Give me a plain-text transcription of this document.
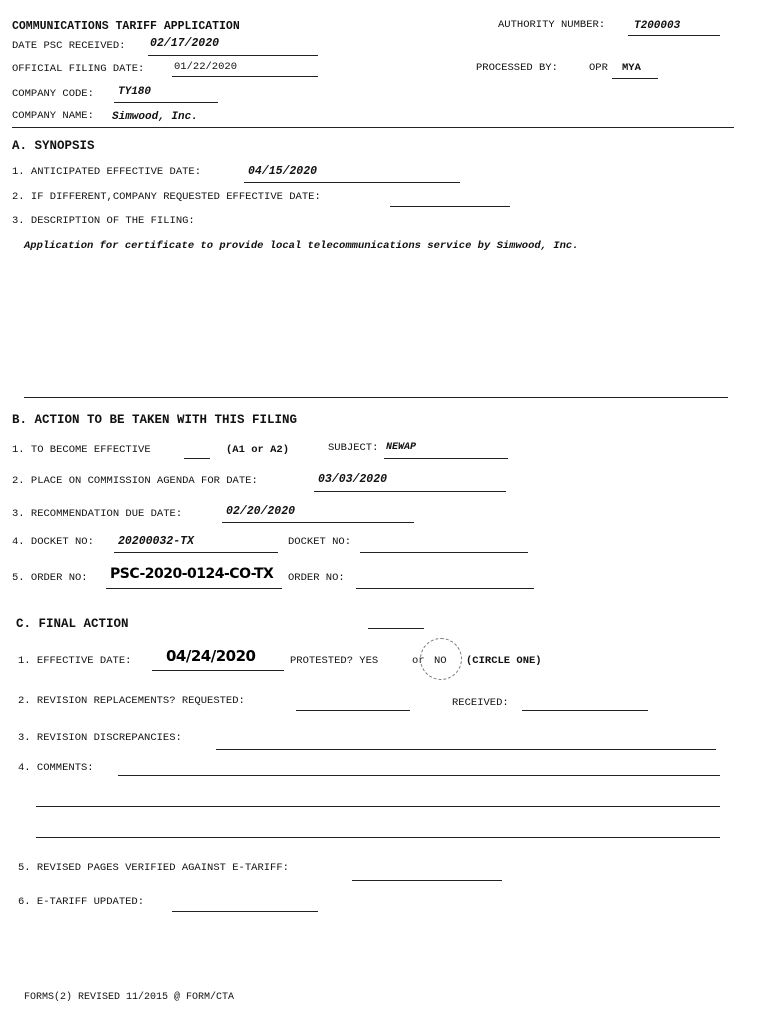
COMMUNICATIONS TARIFF APPLICATION	AUTHORITY NUMBER:	T200003
DATE PSC RECEIVED: 02/17/2020
OFFICIAL FILING DATE:	01/22/2020	PROCESSED BY:	OPR MYA
COMPANY CODE: TY180
COMPANY NAME: Simwood, Inc.
A. SYNOPSIS
1. ANTICIPATED EFFECTIVE DATE:	04/15/2020
2. IF DIFFERENT,COMPANY REQUESTED EFFECTIVE DATE:
3. DESCRIPTION OF THE FILING:
Application for certificate to provide local telecommunications service by Simwood, Inc.
B. ACTION TO BE TAKEN WITH THIS FILING
1. TO BECOME EFFECTIVE	(A1 or A2)	SUBJECT: NEWAP
2. PLACE ON COMMISSION AGENDA FOR DATE:	03/03/2020
3. RECOMMENDATION DUE DATE:	02/20/2020
4. DOCKET NO: 20200032-TX	DOCKET NO:
5. ORDER NO: PSC-2020-0124-CO-TX ORDER NO:
C. FINAL ACTION
1. EFFECTIVE DATE: 04/24/2020	PROTESTED? YES	or NO (CIRCLE ONE)
2. REVISION REPLACEMENTS? REQUESTED:	RECEIVED:
3. REVISION DISCREPANCIES:
4. COMMENTS:
5. REVISED PAGES VERIFIED AGAINST E-TARIFF:
6. E-TARIFF UPDATED:
FORMS(2) REVISED 11/2015 @ FORM/CTA
